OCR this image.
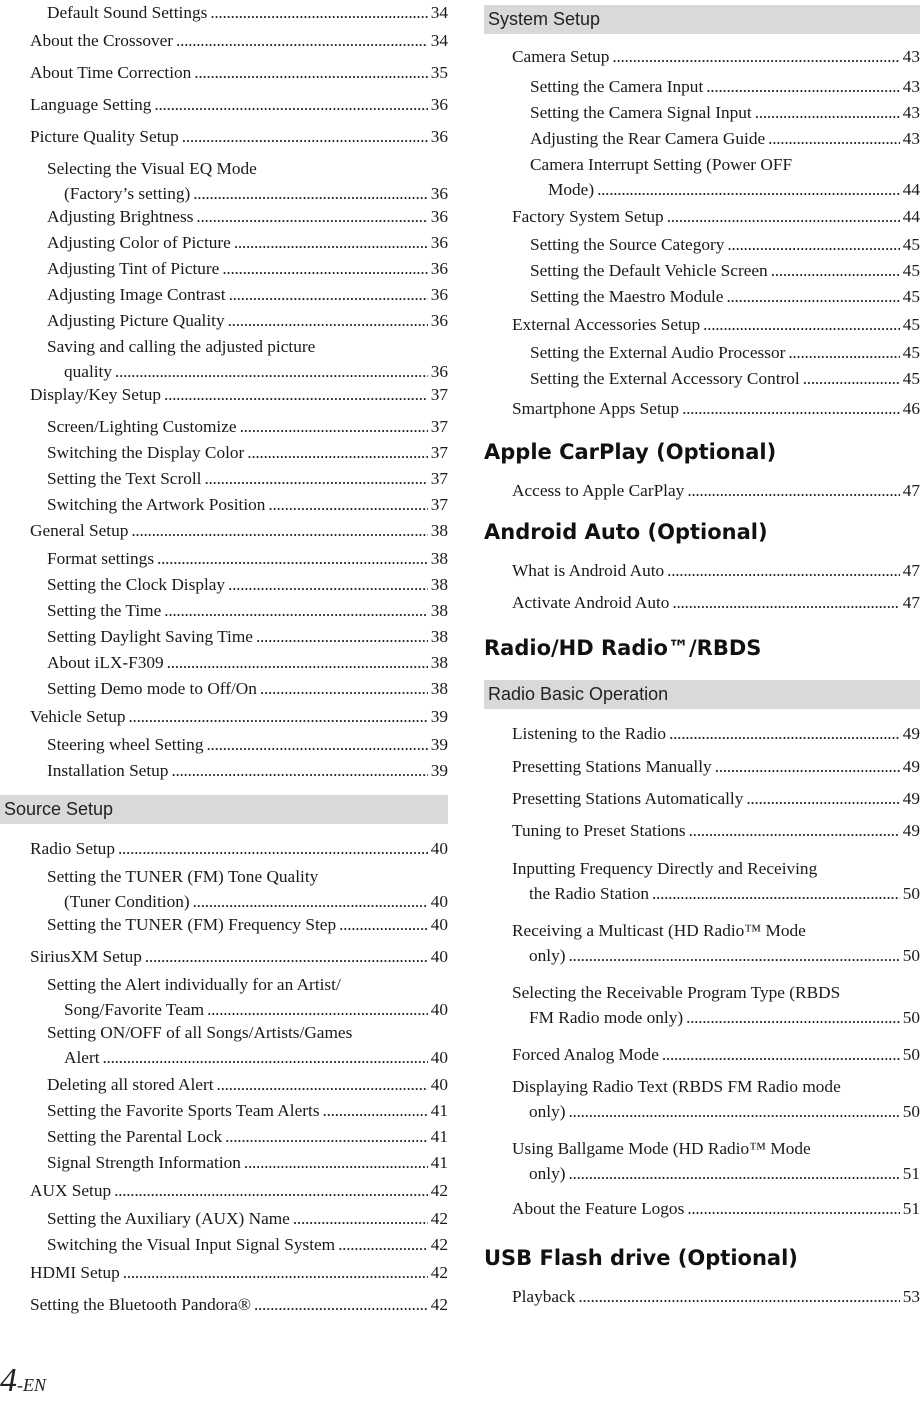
Default Sound Settings . . .	34
About the Crossover . . .	34
About Time Correction . . .	35
Language Setting . . .	36
Picture Quality Setup . . .	36
Selecting the Visual EQ Mode
(Factory’s setting) . . .	36
Adjusting Brightness . . .	36
Adjusting Color of Picture . . .	36
Adjusting Tint of Picture . . .	36
Adjusting Image Contrast . . .	36
Adjusting Picture Quality . . .	36
Saving and calling the adjusted picture
quality . . .	36
Display/Key Setup . . .	37
Screen/Lighting Customize . . .	37
Switching the Display Color . . .	37
Setting the Text Scroll . . .	37
Switching the Artwork Position . . .	37
General Setup . . .	38
Format settings . . .	38
Setting the Clock Display . . .	38
Setting the Time . . .	38
Setting Daylight Saving Time . . .	38
About iLX-F309 . . .	38
Setting Demo mode to Off/On . . .	38
Vehicle Setup . . .	39
Steering wheel Setting . . .	39
Installation Setup . . .	39
Source Setup
Radio Setup . . .	40
Setting the TUNER (FM) Tone Quality
(Tuner Condition) . . .	40
Setting the TUNER (FM) Frequency Step . . .	40
SiriusXM Setup . . .	40
Setting the Alert individually for an Artist/
Song/Favorite Team . . .	40
Setting ON/OFF of all Songs/Artists/Games
Alert . . .	40
Deleting all stored Alert . . .	40
Setting the Favorite Sports Team Alerts . . .	41
Setting the Parental Lock . . .	41
Signal Strength Information . . .	41
AUX Setup . . .	42
Setting the Auxiliary (AUX) Name . . .	42
Switching the Visual Input Signal System . . .	42
HDMI Setup . . .	42
Setting the Bluetooth Pandora® . . .	42
System Setup
Camera Setup . . .	43
Setting the Camera Input . . .	43
Setting the Camera Signal Input . . .	43
Adjusting the Rear Camera Guide . . .	43
Camera Interrupt Setting (Power OFF
Mode) . . .	44
Factory System Setup . . .	44
Setting the Source Category . . .	45
Setting the Default Vehicle Screen . . .	45
Setting the Maestro Module . . .	45
External Accessories Setup . . .	45
Setting the External Audio Processor . . .	45
Setting the External Accessory Control . . .	45
Smartphone Apps Setup . . .	46
Apple CarPlay (Optional)
Access to Apple CarPlay . . .	47
Android Auto (Optional)
What is Android Auto . . .	47
Activate Android Auto . . .	47
Radio/HD Radio™/RBDS
Radio Basic Operation
Listening to the Radio . . .	49
Presetting Stations Manually . . .	49
Presetting Stations Automatically . . .	49
Tuning to Preset Stations . . .	49
Inputting Frequency Directly and Receiving
the Radio Station . . .	50
Receiving a Multicast (HD Radio™ Mode
only) . . .	50
Selecting the Receivable Program Type (RBDS
FM Radio mode only) . . .	50
Forced Analog Mode . . .	50
Displaying Radio Text (RBDS FM Radio mode
only) . . .	50
Using Ballgame Mode (HD Radio™ Mode
only) . . .	51
About the Feature Logos . . .	51
USB Flash drive (Optional)
Playback . . .	53
4-EN
